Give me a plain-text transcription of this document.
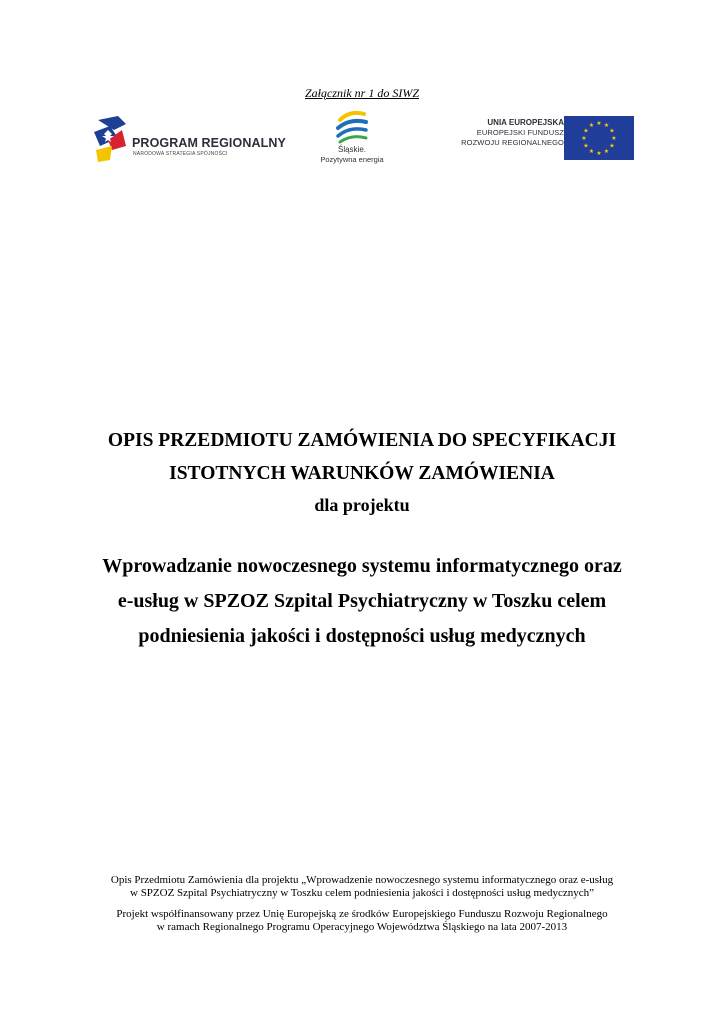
Załącznik nr 1 do SIWZ
PROGRAM REGIONALNY
NARODOWA STRATEGIA SPÓJNOŚCI	Śląskie.
Pozytywna energia
UNIA EUROPEJSKA
EUROPEJSKI FUNDUSZ
ROZWOJU REGIONALNEGO
★ ★
★
★
★
★
★
★
★
★
★
★

OPIS PRZEDMIOTU ZAMÓWIENIA DO SPECYFIKACJI

ISTOTNYCH WARUNKÓW ZAMÓWIENIA

dla projektu

Wprowadzanie nowoczesnego systemu informatycznego oraz

e-usług w SPZOZ Szpital Psychiatryczny w Toszku celem

podniesienia jakości i dostępności usług medycznych

Opis Przedmiotu Zamówienia dla projektu „Wprowadzenie nowoczesnego systemu informatycznego oraz e-usług

w SPZOZ Szpital Psychiatryczny w Toszku celem podniesienia jakości i dostępności usług medycznych”

Projekt współfinansowany przez Unię Europejską ze środków Europejskiego Funduszu Rozwoju Regionalnego

w ramach Regionalnego Programu Operacyjnego Województwa Śląskiego na lata 2007-2013
